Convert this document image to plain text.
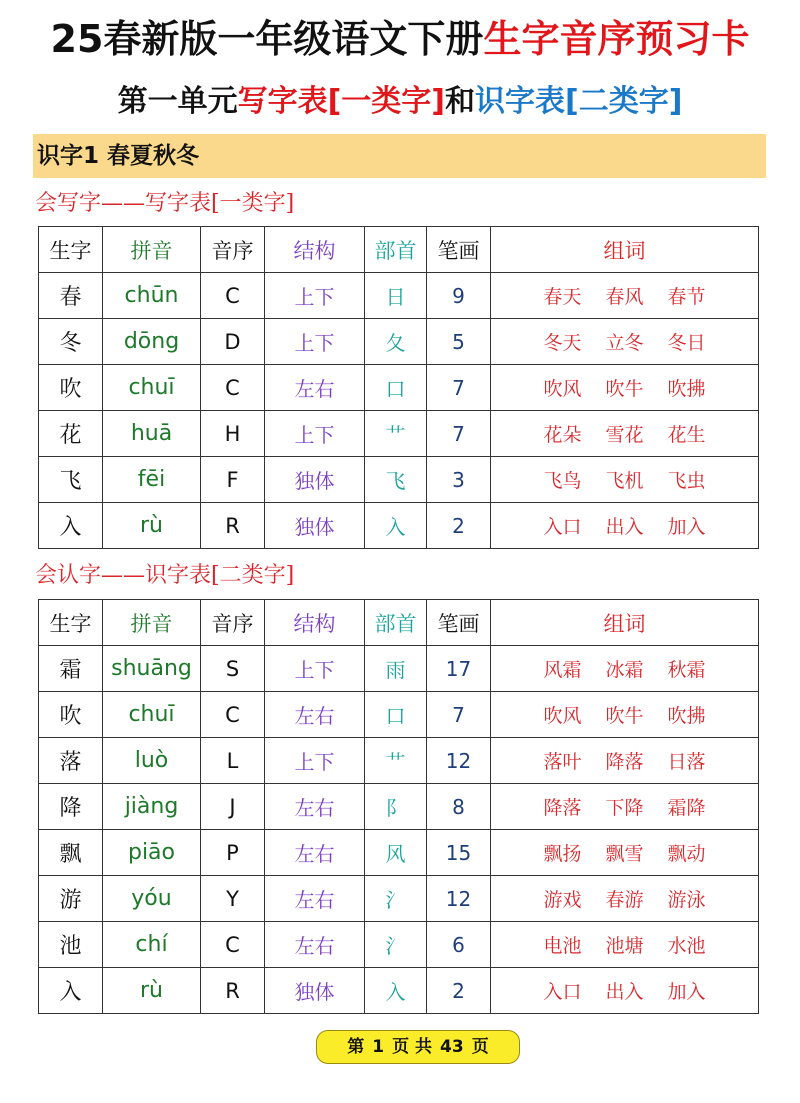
25春新版一年级语文下册生字音序预习卡
第一单元写字表[一类字]和识字表[二类字]
识字1 春夏秋冬
会写字——写字表[一类字]
生字	拼音	音序	结构	部首	笔画	组词
春	chūn	C	上下	日	9	春天 春风 春节
冬	dōng	D	上下	夂	5	冬天 立冬 冬日
吹	chuī	C	左右	口	7	吹风 吹牛 吹拂
花	huā	H	上下	艹	7	花朵 雪花 花生
飞	fēi	F	独体	飞	3	飞鸟 飞机 飞虫
入	rù	R	独体	入	2	入口 出入 加入
会认字——识字表[二类字]
生字	拼音	音序	结构	部首	笔画	组词
霜	shuāng	S	上下	雨	17	风霜 冰霜 秋霜
吹	chuī	C	左右	口	7	吹风 吹牛 吹拂
落	luò	L	上下	艹	12	落叶 降落 日落
降	jiàng	J	左右	阝	8	降落 下降 霜降
飘	piāo	P	左右	风	15	飘扬 飘雪 飘动
游	yóu	Y	左右	氵	12	游戏 春游 游泳
池	chí	C	左右	氵	6	电池 池塘 水池
入	rù	R	独体	入	2	入口 出入 加入
第 1 页 共 43 页
